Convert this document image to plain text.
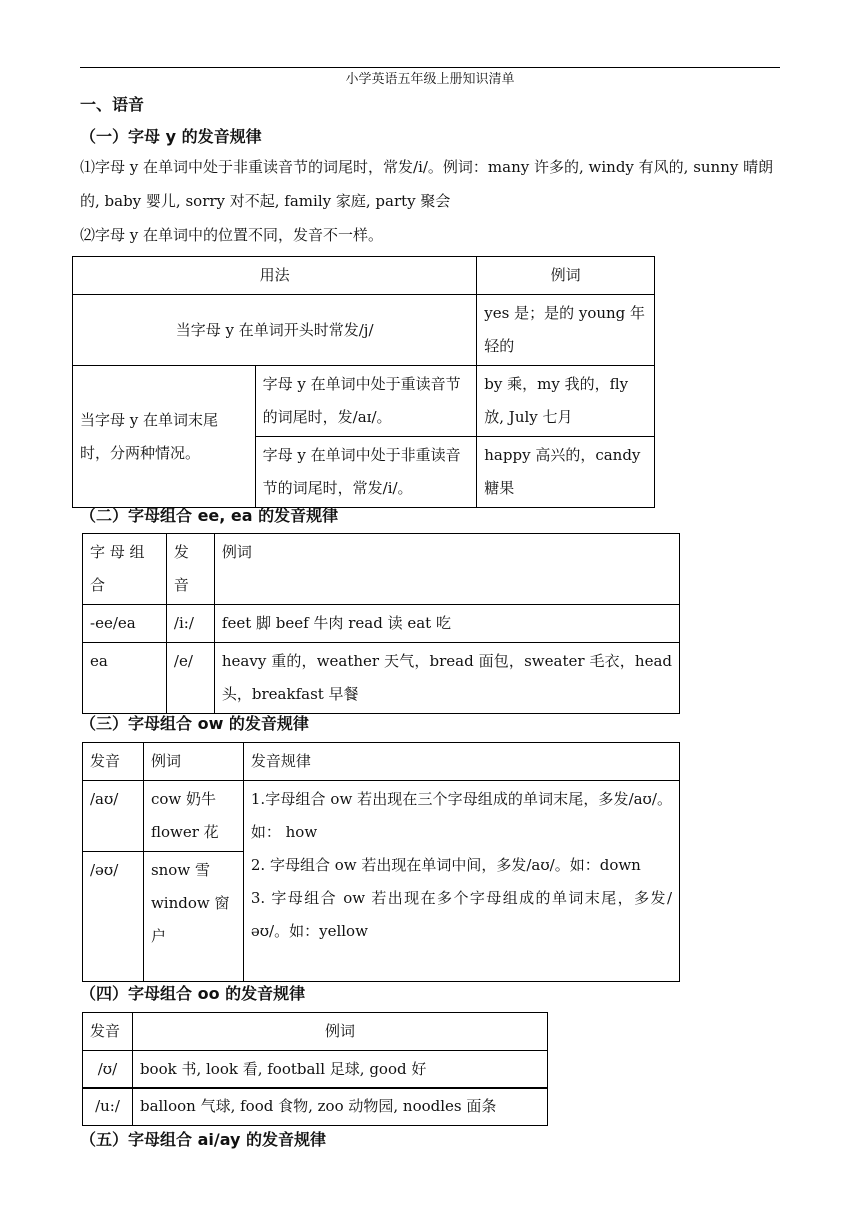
小学英语五年级上册知识清单
一、语音
（一）字母 y 的发音规律
⑴字母 y 在单词中处于非重读音节的词尾时，常发/i/。例词：many 许多的, windy 有风的, sunny 晴朗的, baby 婴儿, sorry 对不起, family 家庭, party 聚会
⑵字母 y 在单词中的位置不同，发音不一样。
用法		例词
当字母 y 在单词开头时常发/j/		yes 是；是的 young 年轻的
当字母 y 在单词末尾时，分两种情况。	字母 y 在单词中处于重读音节的词尾时，发/aɪ/。	by 乘，my 我的，fly 放, July 七月
	字母 y 在单词中处于非重读音节的词尾时，常发/i/。	happy 高兴的，candy 糖果
（二）字母组合 ee, ea 的发音规律
字 母 组 合	发 音	例词
-ee/ea	/i:/	feet 脚 beef 牛肉 read 读 eat 吃
ea	/e/	heavy 重的，weather 天气，bread 面包，sweater 毛衣，head 头，breakfast 早餐
（三）字母组合 ow 的发音规律
发音	例词	发音规律
/aʊ/	cow 奶牛 flower 花	1.字母组合 ow 若出现在三个字母组成的单词末尾，多发/aʊ/。如： how
2. 字母组合 ow 若出现在单词中间，多发/aʊ/。如：down
3. 字母组合 ow 若出现在多个字母组成的单词末尾，多发/əʊ/。如：yellow

/əʊ/	snow 雪 window 窗户	
（四）字母组合 oo 的发音规律
发音	例词
/ʊ/	book 书, look 看, football 足球, good 好
/u:/	balloon 气球, food 食物, zoo 动物园, noodles 面条
（五）字母组合 ai/ay 的发音规律
